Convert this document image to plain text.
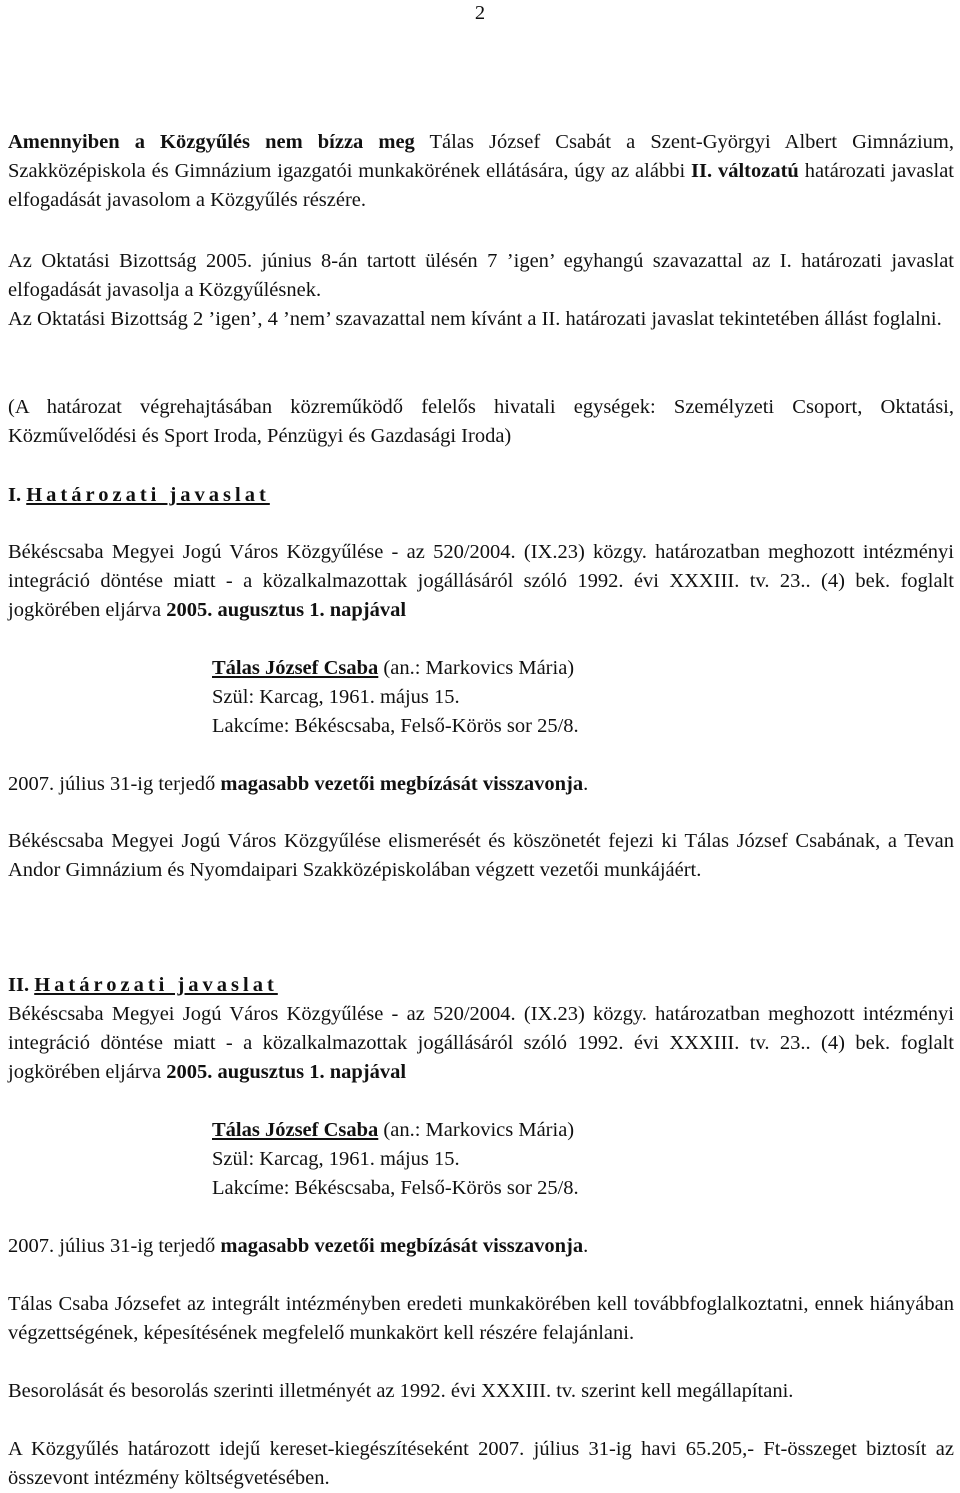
2

Amennyiben a Közgyűlés nem bízza meg Tálas József Csabát a Szent-Györgyi Albert Gimnázium, Szakközépiskola és Gimnázium igazgatói munkakörének ellátására, úgy az alábbi II. változatú határozati javaslat elfogadását javasolom a Közgyűlés részére.

Az Oktatási Bizottság 2005. június 8-án tartott ülésén 7 ’igen’ egyhangú szavazattal az I. határozati javaslat elfogadását javasolja a Közgyűlésnek.

Az Oktatási Bizottság 2 ’igen’, 4 ’nem’ szavazattal nem kívánt a II. határozati javaslat tekintetében állást foglalni.

(A határozat végrehajtásában közreműködő felelős hivatali egységek: Személyzeti Csoport, Oktatási, Közművelődési és Sport Iroda, Pénzügyi és Gazdasági Iroda)

I. Határozati javaslat

Békéscsaba Megyei Jogú Város Közgyűlése - az 520/2004. (IX.23) közgy. határozatban meghozott intézményi integráció döntése miatt - a közalkalmazottak jogállásáról szóló 1992. évi XXXIII. tv. 23.. (4) bek. foglalt jogkörében eljárva 2005. augusztus 1. napjával

Tálas József Csaba (an.: Markovics Mária)

Szül: Karcag, 1961. május 15.

Lakcíme: Békéscsaba, Felső-Körös sor 25/8.

2007. július 31-ig terjedő magasabb vezetői megbízását visszavonja.

Békéscsaba Megyei Jogú Város Közgyűlése elismerését és köszönetét fejezi ki Tálas József Csabának, a Tevan Andor Gimnázium és Nyomdaipari Szakközépiskolában végzett vezetői munkájáért.

II. Határozati javaslat

Békéscsaba Megyei Jogú Város Közgyűlése - az 520/2004. (IX.23) közgy. határozatban meghozott intézményi integráció döntése miatt - a közalkalmazottak jogállásáról szóló 1992. évi XXXIII. tv. 23.. (4) bek. foglalt jogkörében eljárva 2005. augusztus 1. napjával

Tálas József Csaba (an.: Markovics Mária)

Szül: Karcag, 1961. május 15.

Lakcíme: Békéscsaba, Felső-Körös sor 25/8.

2007. július 31-ig terjedő magasabb vezetői megbízását visszavonja.

Tálas Csaba Józsefet az integrált intézményben eredeti munkakörében kell továbbfoglalkoztatni, ennek hiányában végzettségének, képesítésének megfelelő munkakört kell részére felajánlani.

Besorolását és besorolás szerinti illetményét az 1992. évi XXXIII. tv. szerint kell megállapítani.

A Közgyűlés határozott idejű kereset-kiegészítéseként 2007. július 31-ig havi 65.205,- Ft-összeget biztosít az összevont intézmény költségvetésében.
